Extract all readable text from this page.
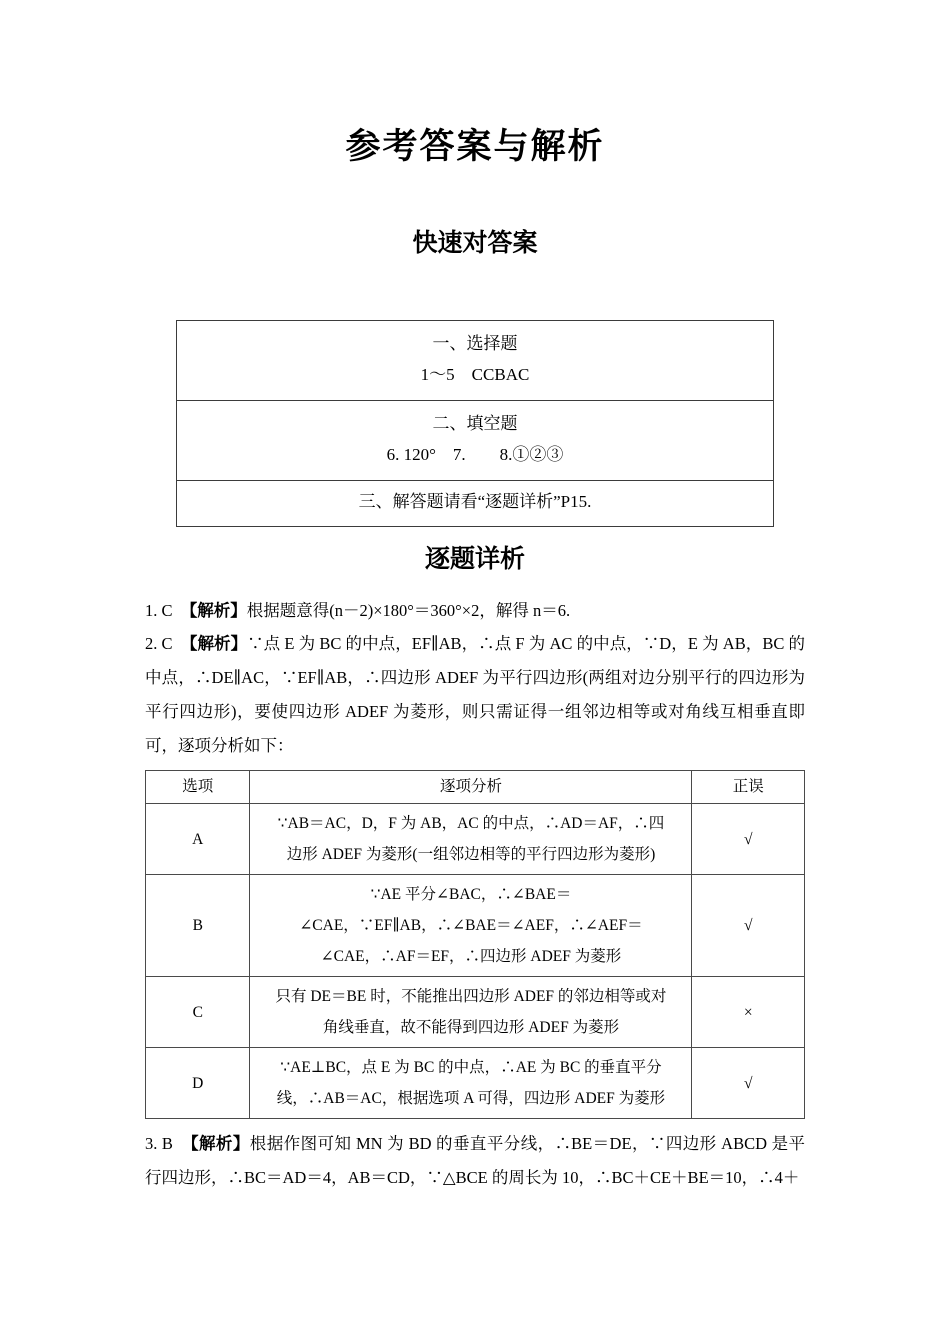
参考答案与解析
快速对答案
一、选择题
1～5　CCBAC
二、填空题
6. 120°　7.　　8.①②③
三、解答题请看“逐题详析”P15.
逐题详析

1. C　 【解析】根据题意得(n－2)×180°＝360°×2，解得 n＝6.

2. C　 【解析】∵点 E 为 BC 的中点，EF∥AB，∴点 F 为 AC 的中点，∵D，E 为 AB，BC 的中点，∴DE∥AC，∵EF∥AB，∴四边形 ADEF 为平行四边形(两组对边分别平行的四边形为平行四边形)，要使四边形 ADEF 为菱形，则只需证得一组邻边相等或对角线互相垂直即可，逐项分析如下：

选项	逐项分析	正误
A	∵AB＝AC，D，F 为 AB，AC 的中点，∴AD＝AF，∴四
边形 ADEF 为菱形(一组邻边相等的平行四边形为菱形)	√
B	∵AE 平分∠BAC，∴∠BAE＝
∠CAE，∵EF∥AB，∴∠BAE＝∠AEF，∴∠AEF＝
∠CAE，∴AF＝EF，∴四边形 ADEF 为菱形	√
C	只有 DE＝BE 时，不能推出四边形 ADEF 的邻边相等或对
角线垂直，故不能得到四边形 ADEF 为菱形	×
D	∵AE⊥BC，点 E 为 BC 的中点，∴AE 为 BC 的垂直平分
线，∴AB＝AC，根据选项 A 可得，四边形 ADEF 为菱形	√

3. B　 【解析】根据作图可知 MN 为 BD 的垂直平分线，∴BE＝DE，∵四边形 ABCD 是平行四边形，∴BC＝AD＝4，AB＝CD，∵△BCE 的周长为 10，∴BC＋CE＋BE＝10，∴4＋
